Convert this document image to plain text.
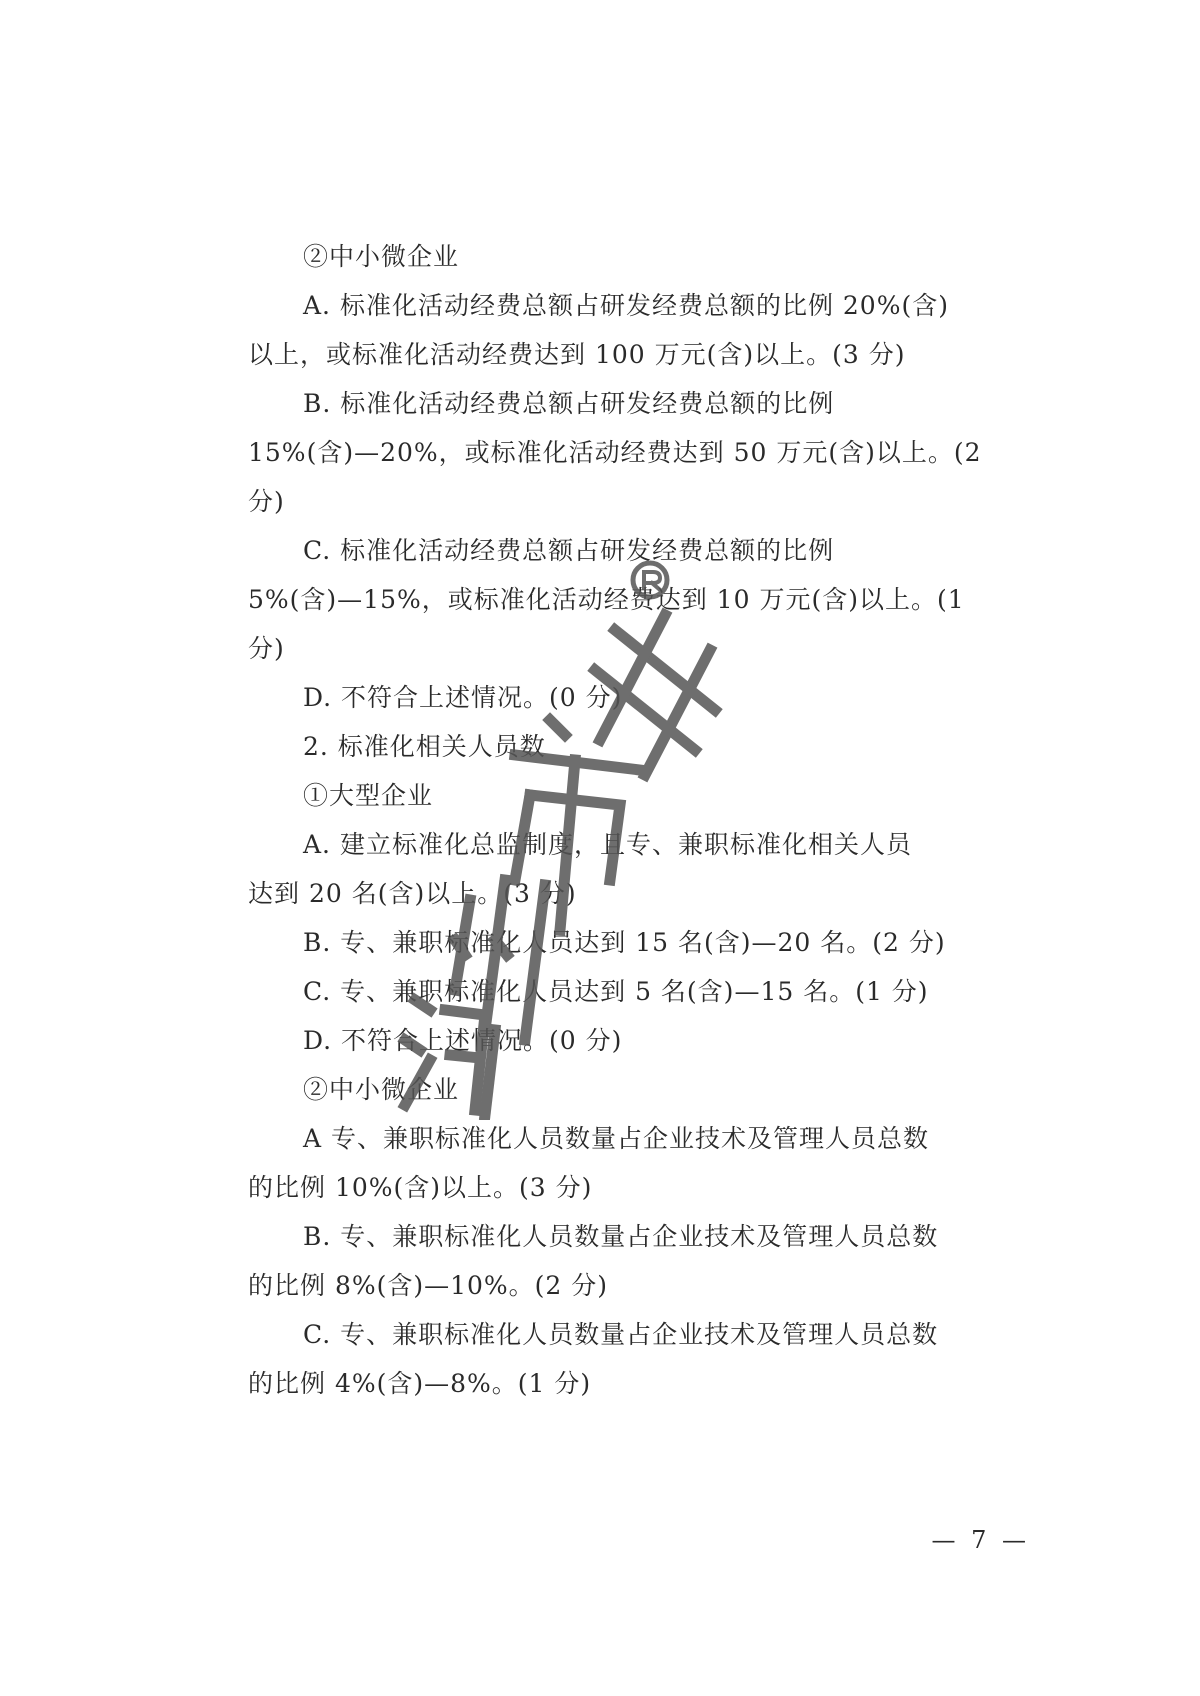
②中小微企业
A. 标准化活动经费总额占研发经费总额的比例 20%(含)
以上，或标准化活动经费达到 100 万元(含)以上。(3 分)
B. 标准化活动经费总额占研发经费总额的比例
15%(含)—20%，或标准化活动经费达到 50 万元(含)以上。(2
分)
C. 标准化活动经费总额占研发经费总额的比例
5%(含)—15%，或标准化活动经费达到 10 万元(含)以上。(1
分)
D. 不符合上述情况。(0 分)
2. 标准化相关人员数
①大型企业
A. 建立标准化总监制度，且专、兼职标准化相关人员
达到 20 名(含)以上。(3 分)
B. 专、兼职标准化人员达到 15 名(含)—20 名。(2 分)
C. 专、兼职标准化人员达到 5 名(含)—15 名。(1 分)
D. 不符合上述情况。(0 分)
②中小微企业
A 专、兼职标准化人员数量占企业技术及管理人员总数
的比例 10%(含)以上。(3 分)
B. 专、兼职标准化人员数量占企业技术及管理人员总数
的比例 8%(含)—10%。(2 分)
C. 专、兼职标准化人员数量占企业技术及管理人员总数
的比例 4%(含)—8%。(1 分)
— 7 —
